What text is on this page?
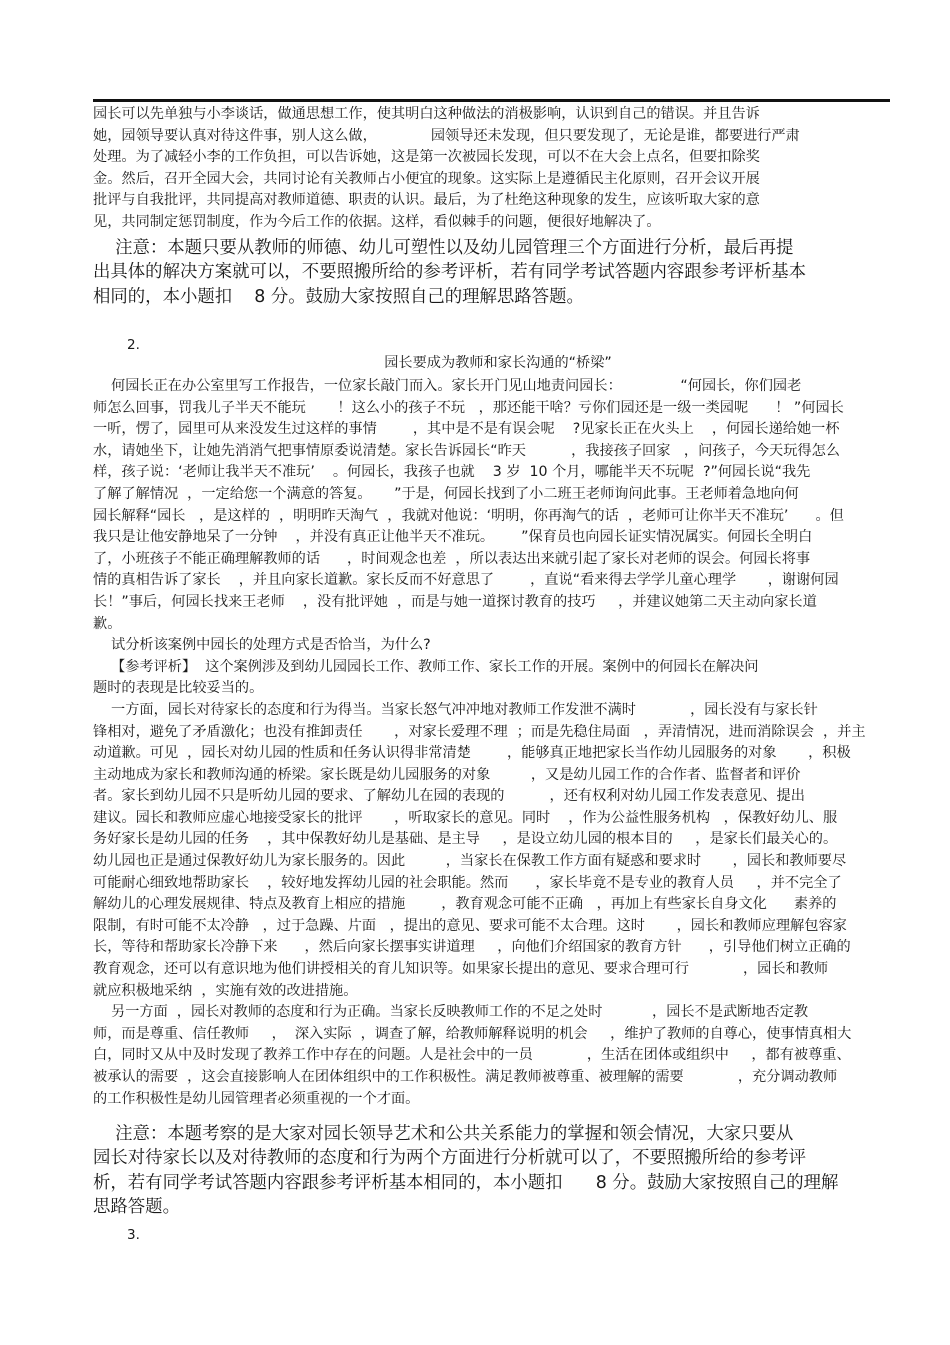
园长可以先单独与小李谈话，做通思想工作，使其明白这种做法的消极影响，认识到自己的错误。并且告诉
她，园领导要认真对待这件事，别人这么做，            园领导还未发现，但只要发现了，无论是谁，都要进行严肃
处理。为了减轻小李的工作负担，可以告诉她，这是第一次被园长发现，可以不在大会上点名，但要扣除奖
金。然后，召开全园大会，共同讨论有关教师占小便宜的现象。这实际上是遵循民主化原则，召开会议开展
批评与自我批评，共同提高对教师道德、职责的认识。最后，为了杜绝这种现象的发生，应该听取大家的意
见，共同制定惩罚制度，作为今后工作的依据。这样，看似棘手的问题，便很好地解决了。
注意：本题只要从教师的师德、幼儿可塑性以及幼儿园管理三个方面进行分析，最后再提
出具体的解决方案就可以，不要照搬所给的参考评析，若有同学考试答题内容跟参考评析基本
相同的，本小题扣    8 分。鼓励大家按照自己的理解思路答题。
2.
园长要成为教师和家长沟通的“桥梁”
何园长正在办公室里写工作报告，一位家长敲门而入。家长开门见山地责问园长：             “何园长，你们园老
师怎么回事，罚我儿子半天不能玩       ！这么小的孩子不玩   ，那还能干啥？亏你们园还是一级一类园呢      ！ ”何园长
一听，愣了，园里可从来没发生过这样的事情        ，其中是不是有误会呢    ?见家长正在火头上    ，何园长递给她一杯
水，请她坐下，让她先消消气把事情原委说清楚。家长告诉园长“昨天          ，我接孩子回家   ，问孩子，今天玩得怎么
样，孩子说：‘老师让我半天不准玩’    。何园长，我孩子也就    3 岁  10 个月，哪能半天不玩呢  ?”何园长说“我先
了解了解情况  ，一定给您一个满意的答复。     ”于是，何园长找到了小二班王老师询问此事。王老师着急地向何
园长解释“园长   ，是这样的  ，明明昨天淘气  ，我就对他说：‘明明，你再淘气的话  ，老师可让你半天不准玩’      。但
我只是让他安静地呆了一分钟    ，并没有真正让他半天不准玩。      ”保育员也向园长证实情况属实。何园长全明白
了，小班孩子不能正确理解教师的话      ，时间观念也差  ，所以表达出来就引起了家长对老师的误会。何园长将事
情的真相告诉了家长    ，并且向家长道歉。家长反而不好意思了        ，直说“看来得去学学儿童心理学       ，谢谢何园
长！”事后，何园长找来王老师    ，没有批评她  ，而是与她一道探讨教育的技巧     ，并建议她第二天主动向家长道
歉。
试分析该案例中园长的处理方式是否恰当，为什么?
【参考评析】  这个案例涉及到幼儿园园长工作、教师工作、家长工作的开展。案例中的何园长在解决问
题时的表现是比较妥当的。
一方面，园长对待家长的态度和行为得当。当家长怒气冲冲地对教师工作发泄不满时            ，园长没有与家长针
锋相对，避免了矛盾激化；也没有推卸责任       ，对家长爱理不理  ；而是先稳住局面   ，弄清情况，进而消除误会  ，并主
动道歉。可见  ，园长对幼儿园的性质和任务认识得非常清楚        ，能够真正地把家长当作幼儿园服务的对象       ，积极
主动地成为家长和教师沟通的桥梁。家长既是幼儿园服务的对象         ，又是幼儿园工作的合作者、监督者和评价
者。家长到幼儿园不只是听幼儿园的要求、了解幼儿在园的表现的          ，还有权利对幼儿园工作发表意见、提出
建议。园长和教师应虚心地接受家长的批评       ，听取家长的意见。同时    ，作为公益性服务机构   ，保教好幼儿、服
务好家长是幼儿园的任务    ，其中保教好幼儿是基础、是主导     ，是设立幼儿园的根本目的     ，是家长们最关心的。
幼儿园也正是通过保教好幼儿为家长服务的。因此         ，当家长在保教工作方面有疑惑和要求时       ，园长和教师要尽
可能耐心细致地帮助家长    ，较好地发挥幼儿园的社会职能。然而      ，家长毕竟不是专业的教育人员     ，并不完全了
解幼儿的心理发展规律、特点及教育上相应的措施        ，教育观念可能不正确   ，再加上有些家长自身文化      素养的
限制，有时可能不太冷静   ，过于急躁、片面   ，提出的意见、要求可能不太合理。这时       ，园长和教师应理解包容家
长，等待和帮助家长冷静下来      ，然后向家长摆事实讲道理     ，向他们介绍国家的教育方针      ，引导他们树立正确的
教育观念，还可以有意识地为他们讲授相关的育儿知识等。如果家长提出的意见、要求合理可行            ，园长和教师
就应积极地采纳  ，实施有效的改进措施。
另一方面  ，园长对教师的态度和行为正确。当家长反映教师工作的不足之处时           ，园长不是武断地否定教
师，而是尊重、信任教师     ，  深入实际  ，调查了解，给教师解释说明的机会     ，维护了教师的自尊心，使事情真相大
白，同时又从中及时发现了教养工作中存在的问题。人是社会中的一员            ，生活在团体或组织中     ，都有被尊重、
被承认的需要  ，这会直接影响人在团体组织中的工作积极性。满足教师被尊重、被理解的需要            ，充分调动教师
的工作积极性是幼儿园管理者必须重视的一个才面。
注意：本题考察的是大家对园长领导艺术和公共关系能力的掌握和领会情况，大家只要从
园长对待家长以及对待教师的态度和行为两个方面进行分析就可以了，不要照搬所给的参考评
析，若有同学考试答题内容跟参考评析基本相同的，本小题扣      8 分。鼓励大家按照自己的理解
思路答题。
3.
